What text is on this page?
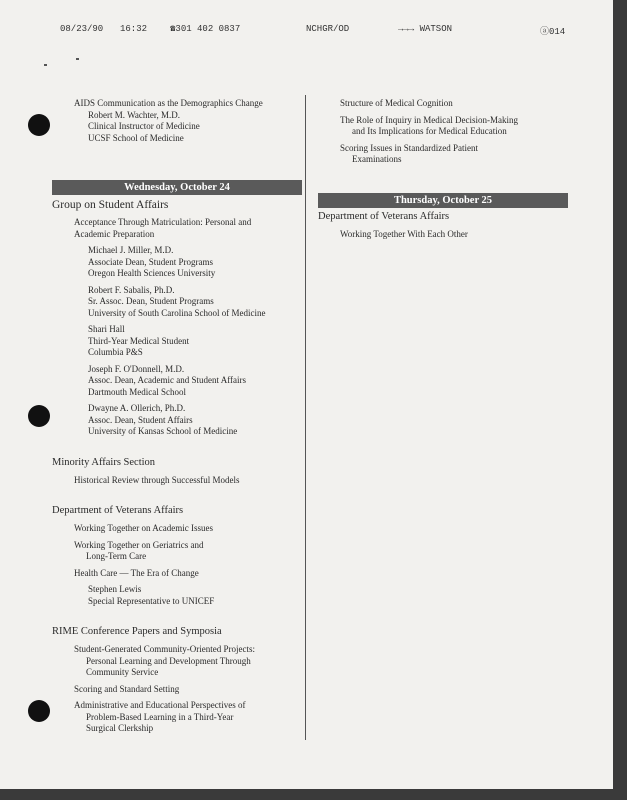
08/23/90 16:32	☎301 402 0837	NCHGR/OD	→→→ WATSON	ⓐ014

AIDS Communication as the Demographics Change

Robert M. Wachter, M.D.

Clinical Instructor of Medicine

UCSF School of Medicine

Wednesday, October 24

Group on Student Affairs

Acceptance Through Matriculation: Personal and

Academic Preparation

Michael J. Miller, M.D.

Associate Dean, Student Programs

Oregon Health Sciences University

Robert F. Sabalis, Ph.D.

Sr. Assoc. Dean, Student Programs

University of South Carolina School of Medicine

Shari Hall

Third-Year Medical Student

Columbia P&S

Joseph F. O'Donnell, M.D.

Assoc. Dean, Academic and Student Affairs

Dartmouth Medical School

Dwayne A. Ollerich, Ph.D.

Assoc. Dean, Student Affairs

University of Kansas School of Medicine

Minority Affairs Section

Historical Review through Successful Models

Department of Veterans Affairs

Working Together on Academic Issues

Working Together on Geriatrics and

Long-Term Care

Health Care — The Era of Change

Stephen Lewis

Special Representative to UNICEF

RIME Conference Papers and Symposia

Student-Generated Community-Oriented Projects:

Personal Learning and Development Through

Community Service

Scoring and Standard Setting

Administrative and Educational Perspectives of

Problem-Based Learning in a Third-Year

Surgical Clerkship

Structure of Medical Cognition

The Role of Inquiry in Medical Decision-Making

and Its Implications for Medical Education

Scoring Issues in Standardized Patient

Examinations

Thursday, October 25

Department of Veterans Affairs

Working Together With Each Other
